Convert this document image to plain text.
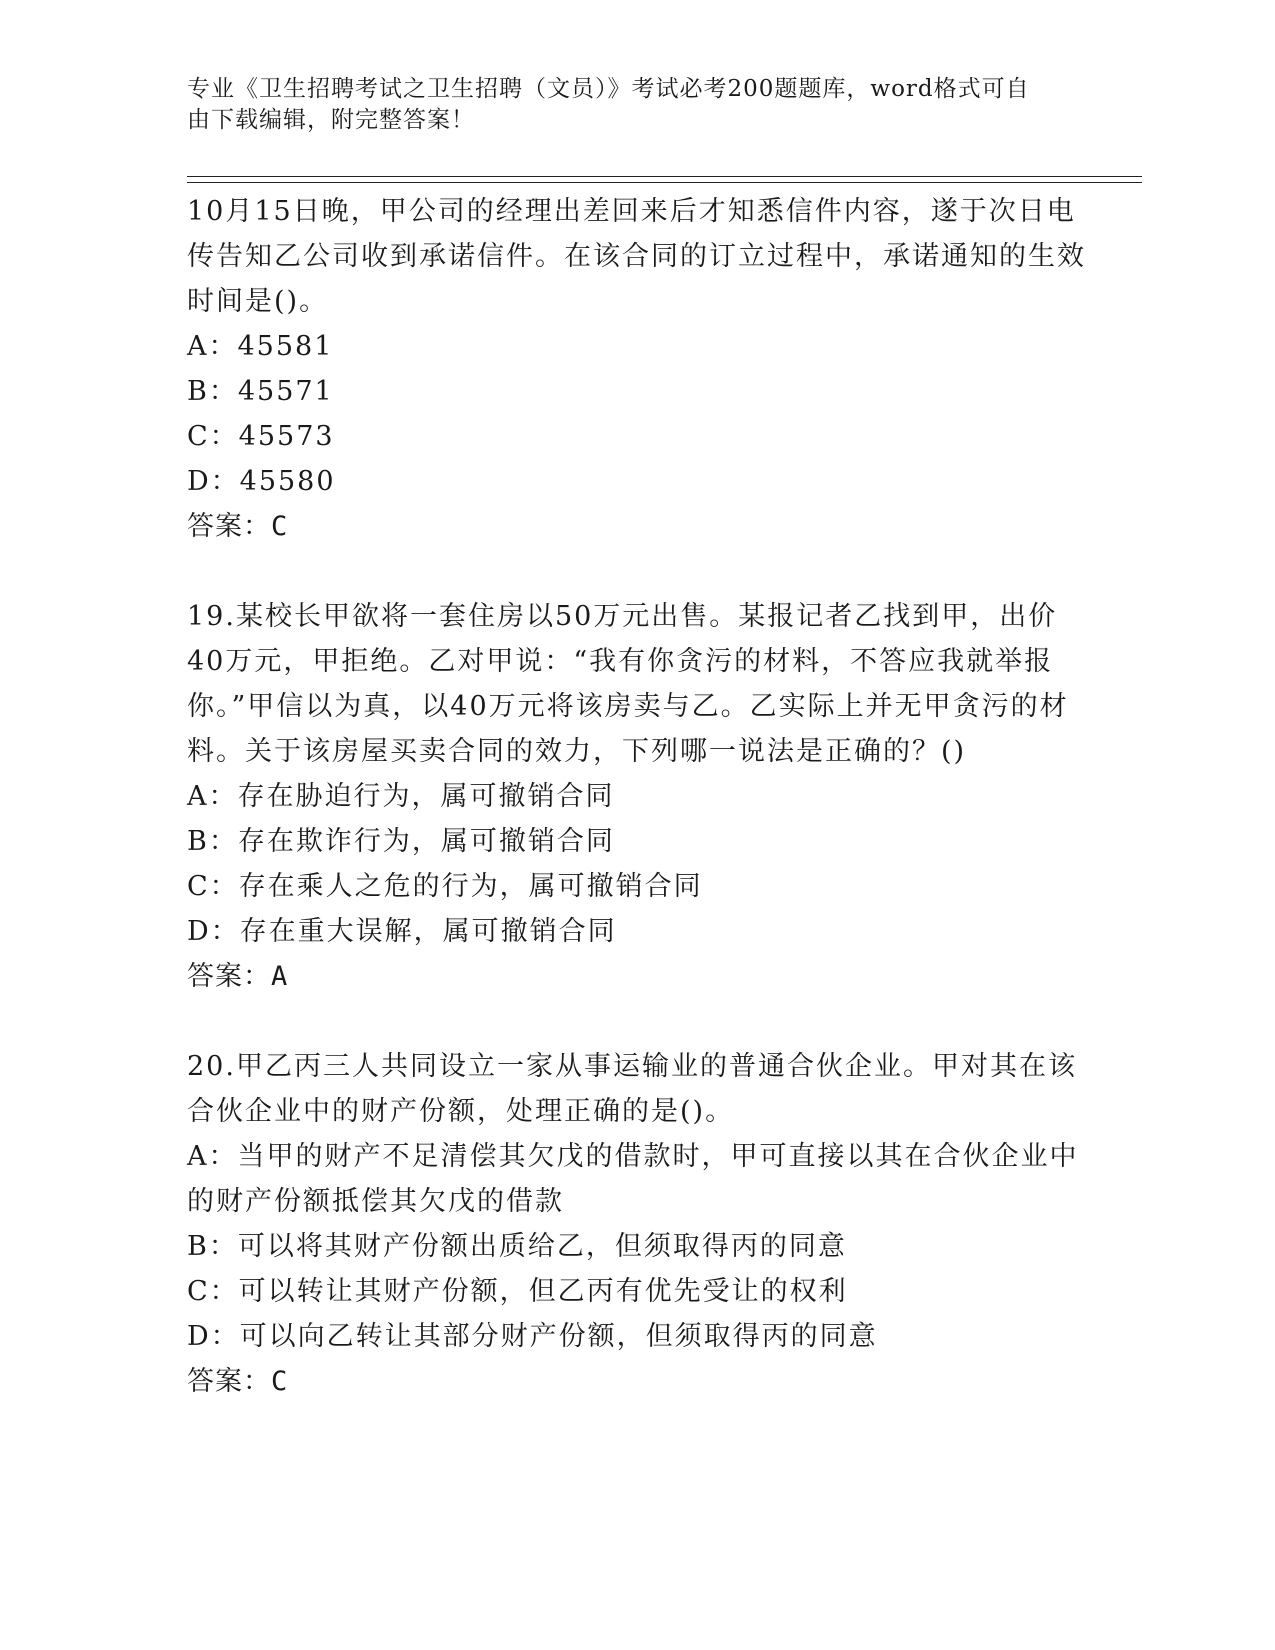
专业《卫生招聘考试之卫生招聘（文员）》考试必考200题题库，word格式可自
由下载编辑，附完整答案！

10月15日晚，甲公司的经理出差回来后才知悉信件内容，遂于次日电传告知乙公司收到承诺信件。在该合同的订立过程中，承诺通知的生效时间是()。

A：45581

B：45571

C：45573

D：45580

答案：C

19.某校长甲欲将一套住房以50万元出售。某报记者乙找到甲，出价40万元，甲拒绝。乙对甲说：“我有你贪污的材料，不答应我就举报你。”甲信以为真，以40万元将该房卖与乙。乙实际上并无甲贪污的材料。关于该房屋买卖合同的效力，下列哪一说法是正确的？()

A：存在胁迫行为，属可撤销合同

B：存在欺诈行为，属可撤销合同

C：存在乘人之危的行为，属可撤销合同

D：存在重大误解，属可撤销合同

答案：A

20.甲乙丙三人共同设立一家从事运输业的普通合伙企业。甲对其在该合伙企业中的财产份额，处理正确的是()。

A：当甲的财产不足清偿其欠戊的借款时，甲可直接以其在合伙企业中的财产份额抵偿其欠戊的借款

B：可以将其财产份额出质给乙，但须取得丙的同意

C：可以转让其财产份额，但乙丙有优先受让的权利

D：可以向乙转让其部分财产份额，但须取得丙的同意

答案：C
